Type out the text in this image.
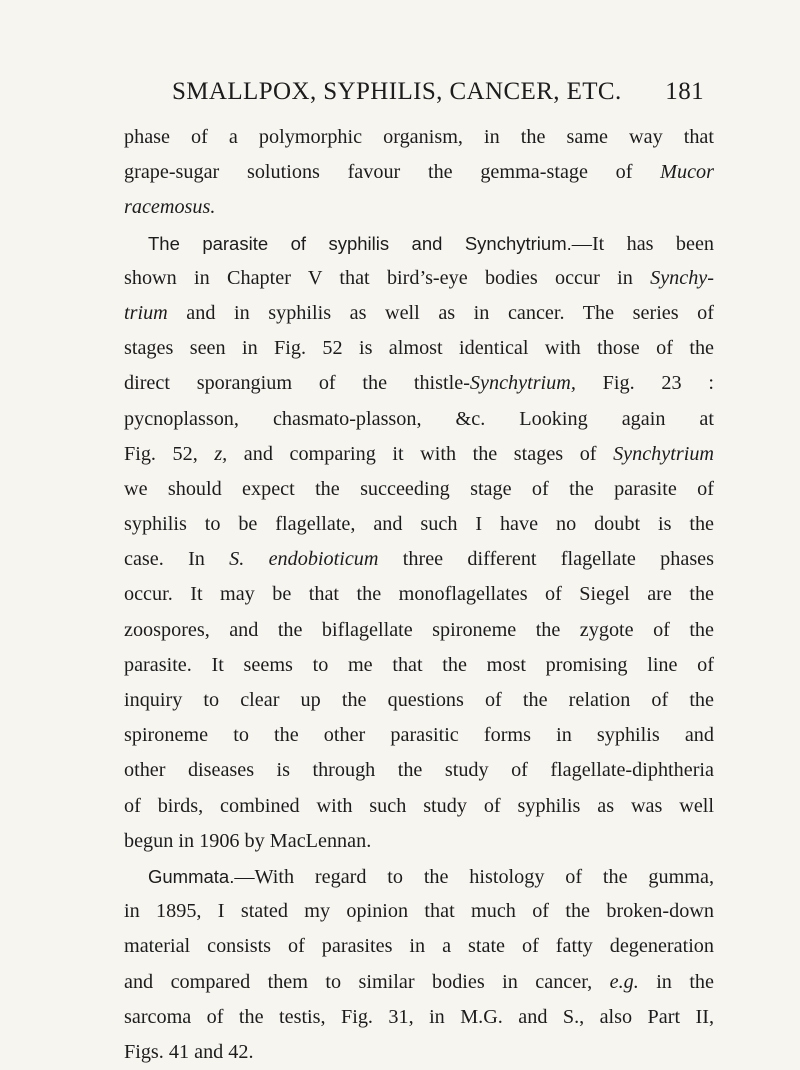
SMALLPOX, SYPHILIS, CANCER, ETC. 181
phase of a polymorphic organism, in the same way that
grape-sugar solutions favour the gemma-stage of Mucor
racemosus.
The parasite of syphilis and Synchytrium.—It has been
shown in Chapter V that bird’s-eye bodies occur in Synchy-
trium and in syphilis as well as in cancer. The series of
stages seen in Fig. 52 is almost identical with those of the
direct sporangium of the thistle-Synchytrium, Fig. 23 :
pycnoplasson, chasmato-plasson, &c. Looking again at
Fig. 52, z, and comparing it with the stages of Synchytrium
we should expect the succeeding stage of the parasite of
syphilis to be flagellate, and such I have no doubt is the
case. In S. endobioticum three different flagellate phases
occur. It may be that the monoflagellates of Siegel are the
zoospores, and the biflagellate spironeme the zygote of the
parasite. It seems to me that the most promising line of
inquiry to clear up the questions of the relation of the
spironeme to the other parasitic forms in syphilis and
other diseases is through the study of flagellate-diphtheria
of birds, combined with such study of syphilis as was well
begun in 1906 by MacLennan.
Gummata.—With regard to the histology of the gumma,
in 1895, I stated my opinion that much of the broken-down
material consists of parasites in a state of fatty degeneration
and compared them to similar bodies in cancer, e.g. in the
sarcoma of the testis, Fig. 31, in M.G. and S., also Part II,
Figs. 41 and 42.
